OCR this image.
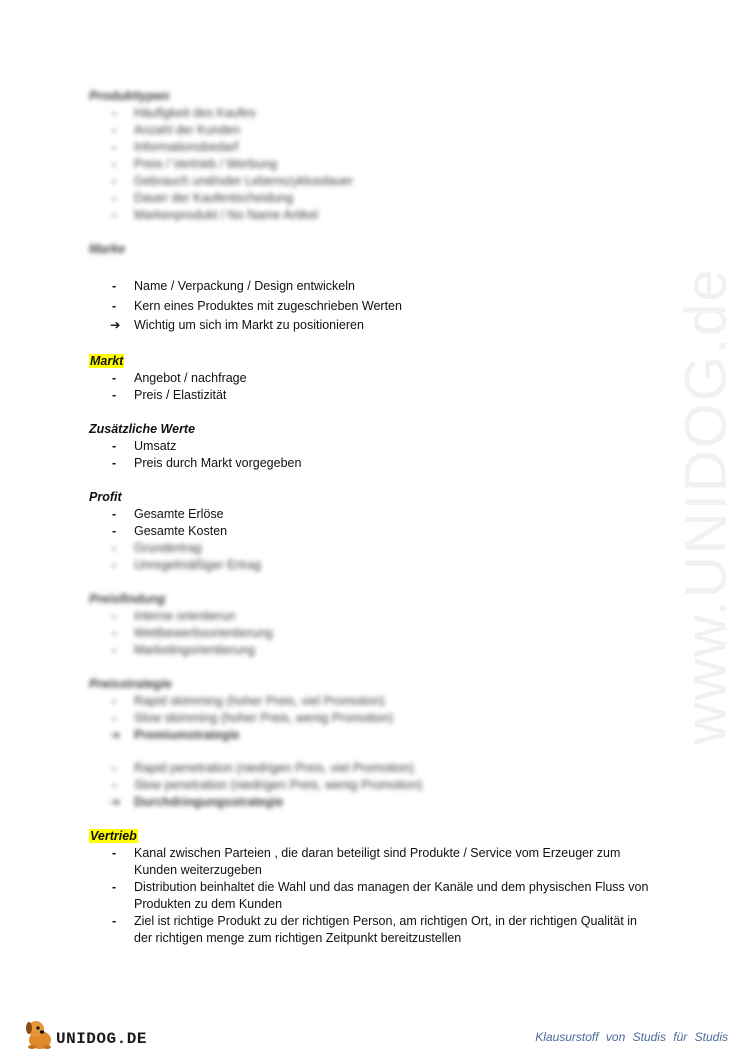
www.UNIDOG.de

Produkttypen

-	Häufigkeit des Kaufes
-	Anzahl der Kunden
-	Informationsbedarf
-	Preis / Vertrieb / Werbung
-	Gebrauch und/oder Lebenszyklusdauer
-	Dauer der Kaufentscheidung
-	Markenprodukt / No Name Artikel

Marke

-	Name / Verpackung / Design entwickeln
-	Kern eines Produktes mit zugeschrieben Werten
➔ Wichtig um sich im Markt zu positionieren

Markt

-	Angebot / nachfrage
-	Preis / Elastizität

Zusätzliche Werte

-	Umsatz
-	Preis durch Markt vorgegeben

Profit

-	Gesamte Erlöse
-	Gesamte Kosten
-	Grundertrag
-	Unregelmäßiger Ertrag

Preisfindung

-	Interne orientierun
-	Wettbewerbsorientierung
-	Marketingorientierung

Preisstrategie

-	Rapid skimming (hoher Preis, viel Promotion)
-	Slow skimming (hoher Preis, wenig Promotion)
➔ Premiumstrategie
-	Rapid penetration (niedrigen Preis, viel Promotion)
-	Slow penetration (niedrigen Preis, wenig Promotion)
➔ Durchdringungsstrategie

Vertrieb

-	Kanal zwischen Parteien , die daran beteiligt sind Produkte / Service vom Erzeuger zum
Kunden weiterzugeben
-	Distribution beinhaltet die Wahl und das managen der Kanäle und dem physischen Fluss von
Produkten zu dem Kunden
-	Ziel ist richtige Produkt zu der richtigen Person, am richtigen Ort, in der richtigen Qualität in
der richtigen menge zum richtigen Zeitpunkt bereitzustellen
UNIDOG.DE	Klausurstoff von Studis für Studis
